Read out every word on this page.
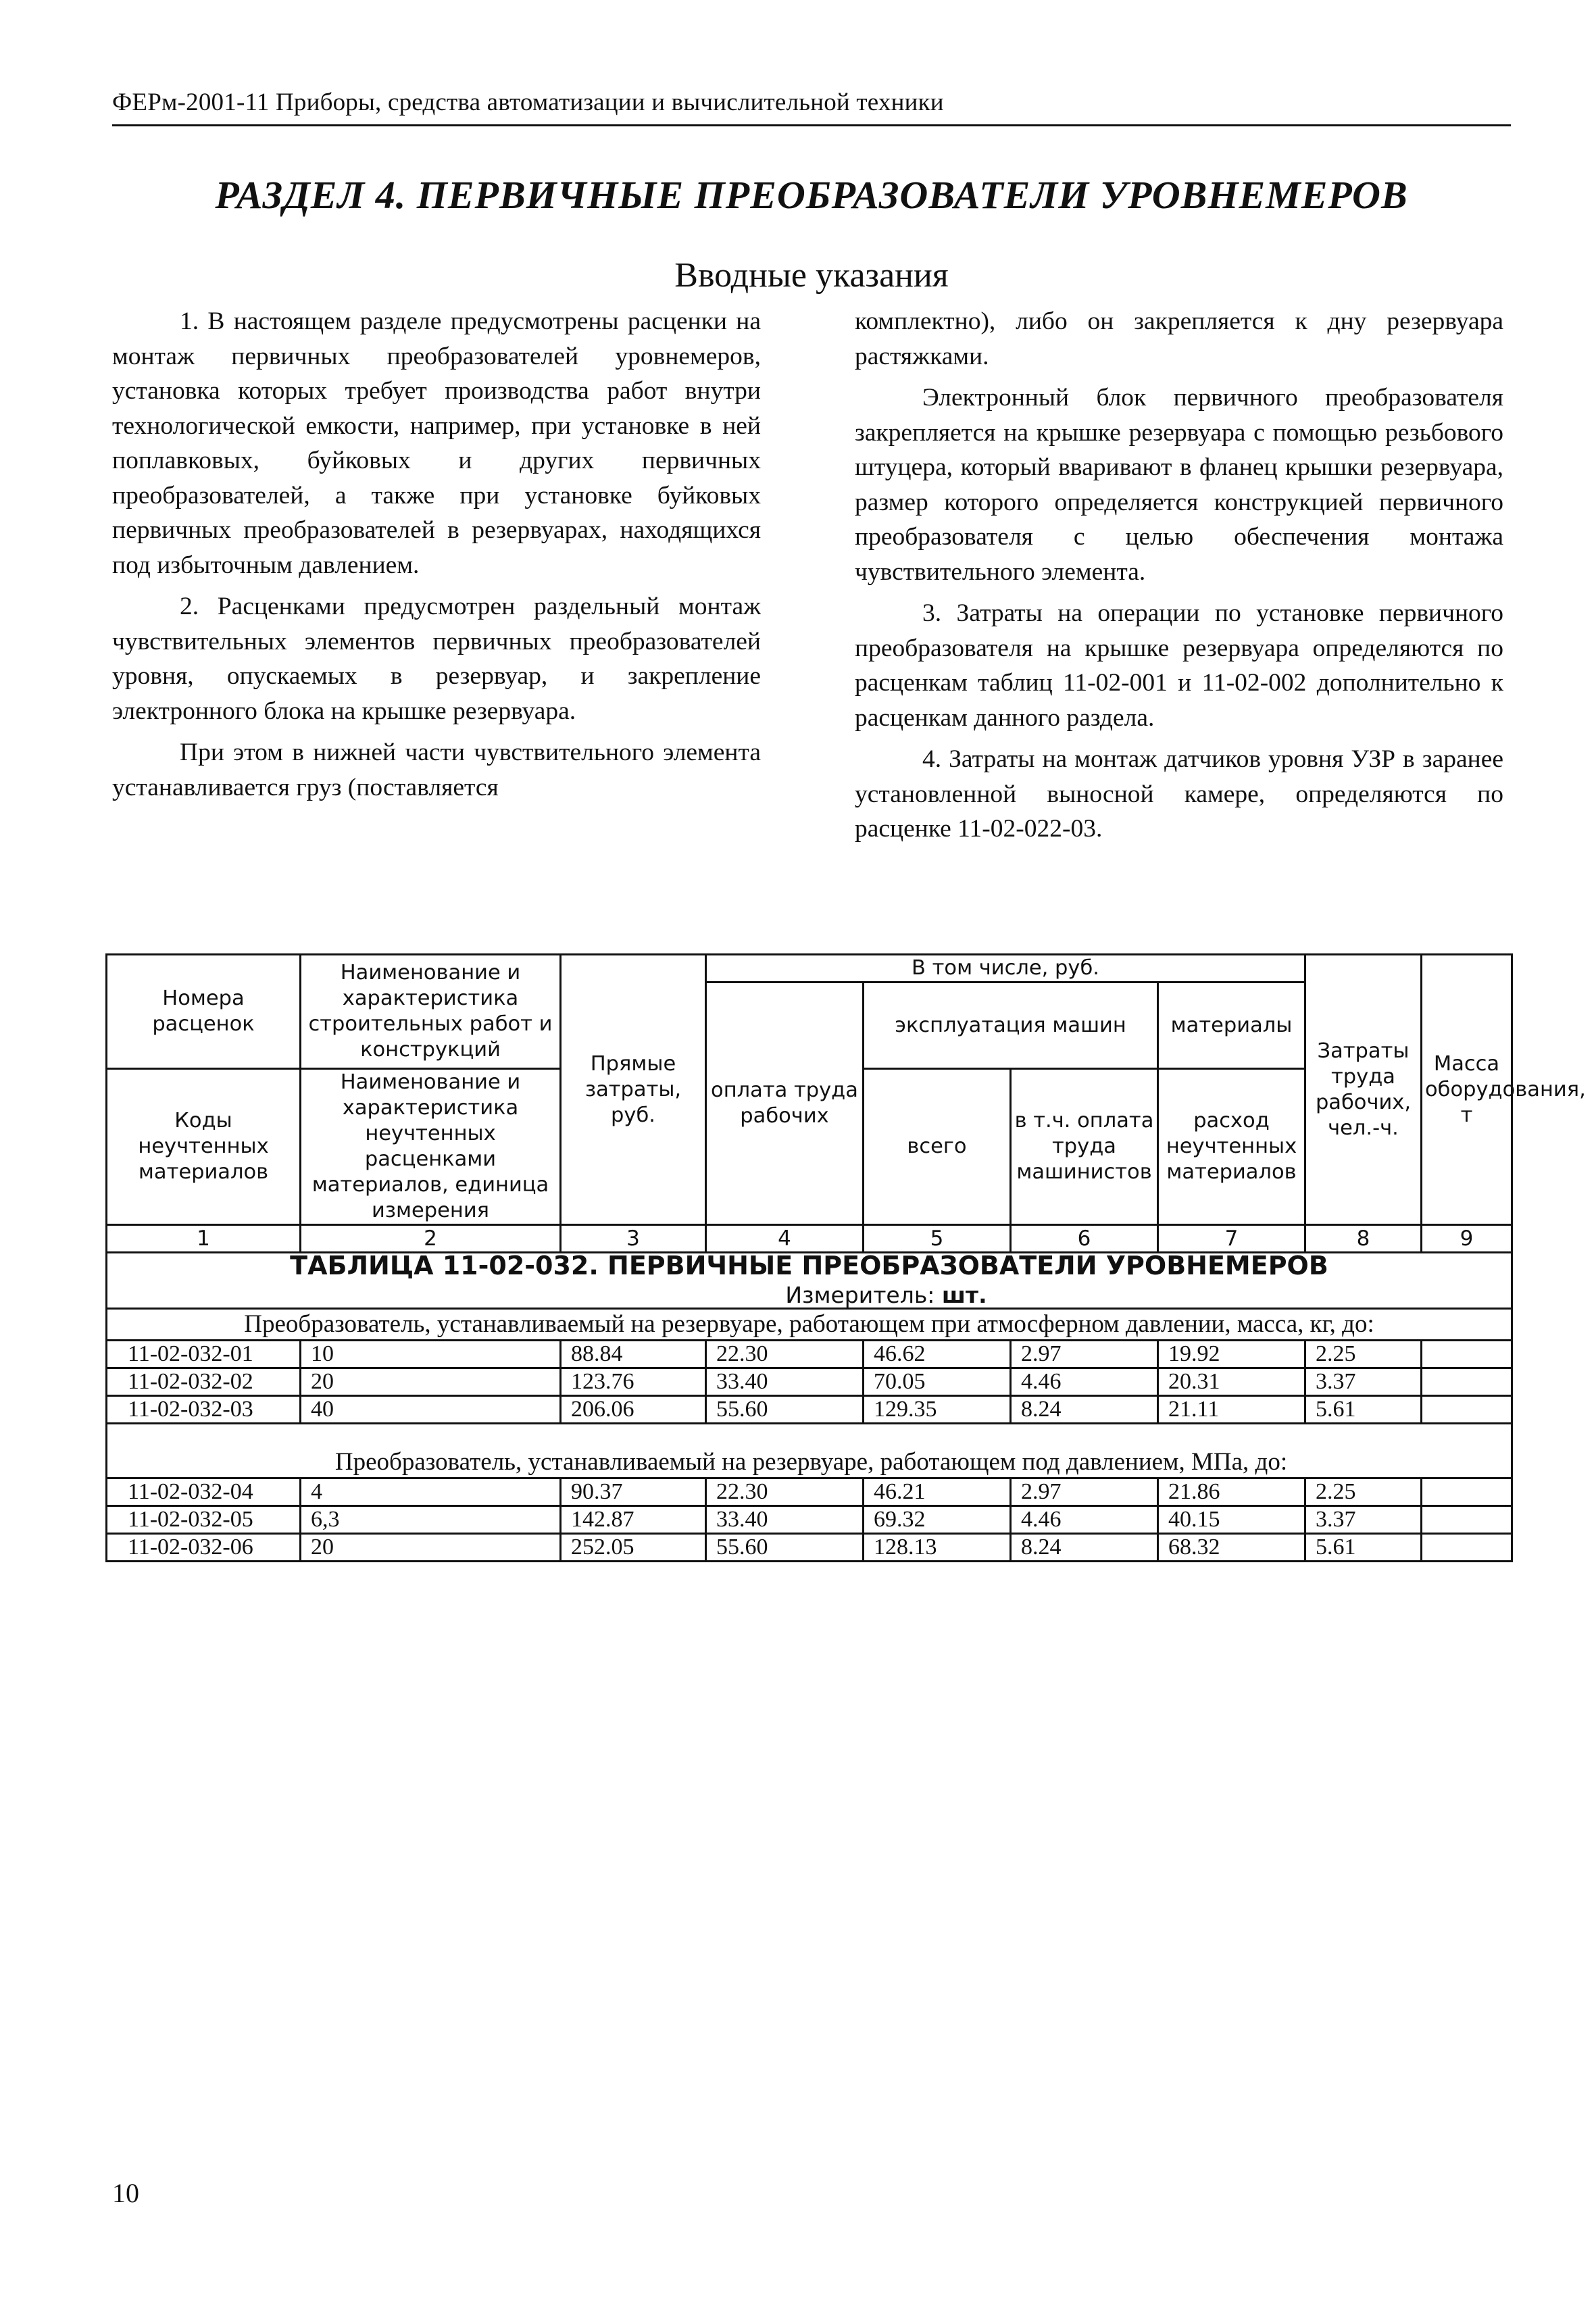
ФЕРм-2001-11 Приборы, средства автоматизации и вычислительной техники
РАЗДЕЛ 4. ПЕРВИЧНЫЕ ПРЕОБРАЗОВАТЕЛИ УРОВНЕМЕРОВ
Вводные указания

1. В настоящем разделе предусмотрены расценки на монтаж первичных преобразователей уровнемеров, установка которых требует производства работ внутри технологической емкости, например, при установке в ней поплавковых, буйковых и других первичных преобразователей, а также при установке буйковых первичных преобразователей в резервуарах, находящихся под избыточным давлением.

2. Расценками предусмотрен раздельный монтаж чувствительных элементов первичных преобразователей уровня, опускаемых в резервуар, и закрепление электронного блока на крышке резервуара.

При этом в нижней части чувствительного элемента устанавливается груз (поставляется

комплектно), либо он закрепляется к дну резервуара растяжками.

Электронный блок первичного преобразователя закрепляется на крышке резервуара с помощью резьбового штуцера, который вваривают в фланец крышки резервуара, размер которого определяется конструкцией первичного преобразователя с целью обеспечения монтажа чувствительного элемента.

3. Затраты на операции по установке первичного преобразователя на крышке резервуара определяются по расценкам таблиц 11-02-001 и 11-02-002 дополнительно к расценкам данного раздела.

4. Затраты на монтаж датчиков уровня УЗР в заранее установленной выносной камере, определяются по расценке 11-02-022-03.

Номера расценок	Наименование и характеристика строительных работ и конструкций	Прямые затраты, руб.	В том числе, руб.				Затраты труда рабочих, чел.-ч.	Масса оборудования, т
			оплата труда рабочих	эксплуатация машин		материалы		
Коды неучтенных материалов	Наименование и характеристика неучтенных расценками материалов, единица измерения			всего	в т.ч. оплата труда машинистов	расход неучтенных материалов		
1	2	3	4	5	6	7	8	9

ТАБЛИЦА 11-02-032. ПЕРВИЧНЫЕ ПРЕОБРАЗОВАТЕЛИ УРОВНЕМЕРОВ
Измеритель: шт.								

Преобразователь, устанавливаемый на резервуаре, работающем при атмосферном давлении, масса, кг, до:								
11-02-032-01	10	88.84	22.30	46.62	2.97	19.92	2.25	
11-02-032-02	20	123.76	33.40	70.05	4.46	20.31	3.37	
11-02-032-03	40	206.06	55.60	129.35	8.24	21.11	5.61	
Преобразователь, устанавливаемый на резервуаре, работающем под давлением, МПа, до:								
11-02-032-04	4	90.37	22.30	46.21	2.97	21.86	2.25	
11-02-032-05	6,3	142.87	33.40	69.32	4.46	40.15	3.37	
11-02-032-06	20	252.05	55.60	128.13	8.24	68.32	5.61	
10
